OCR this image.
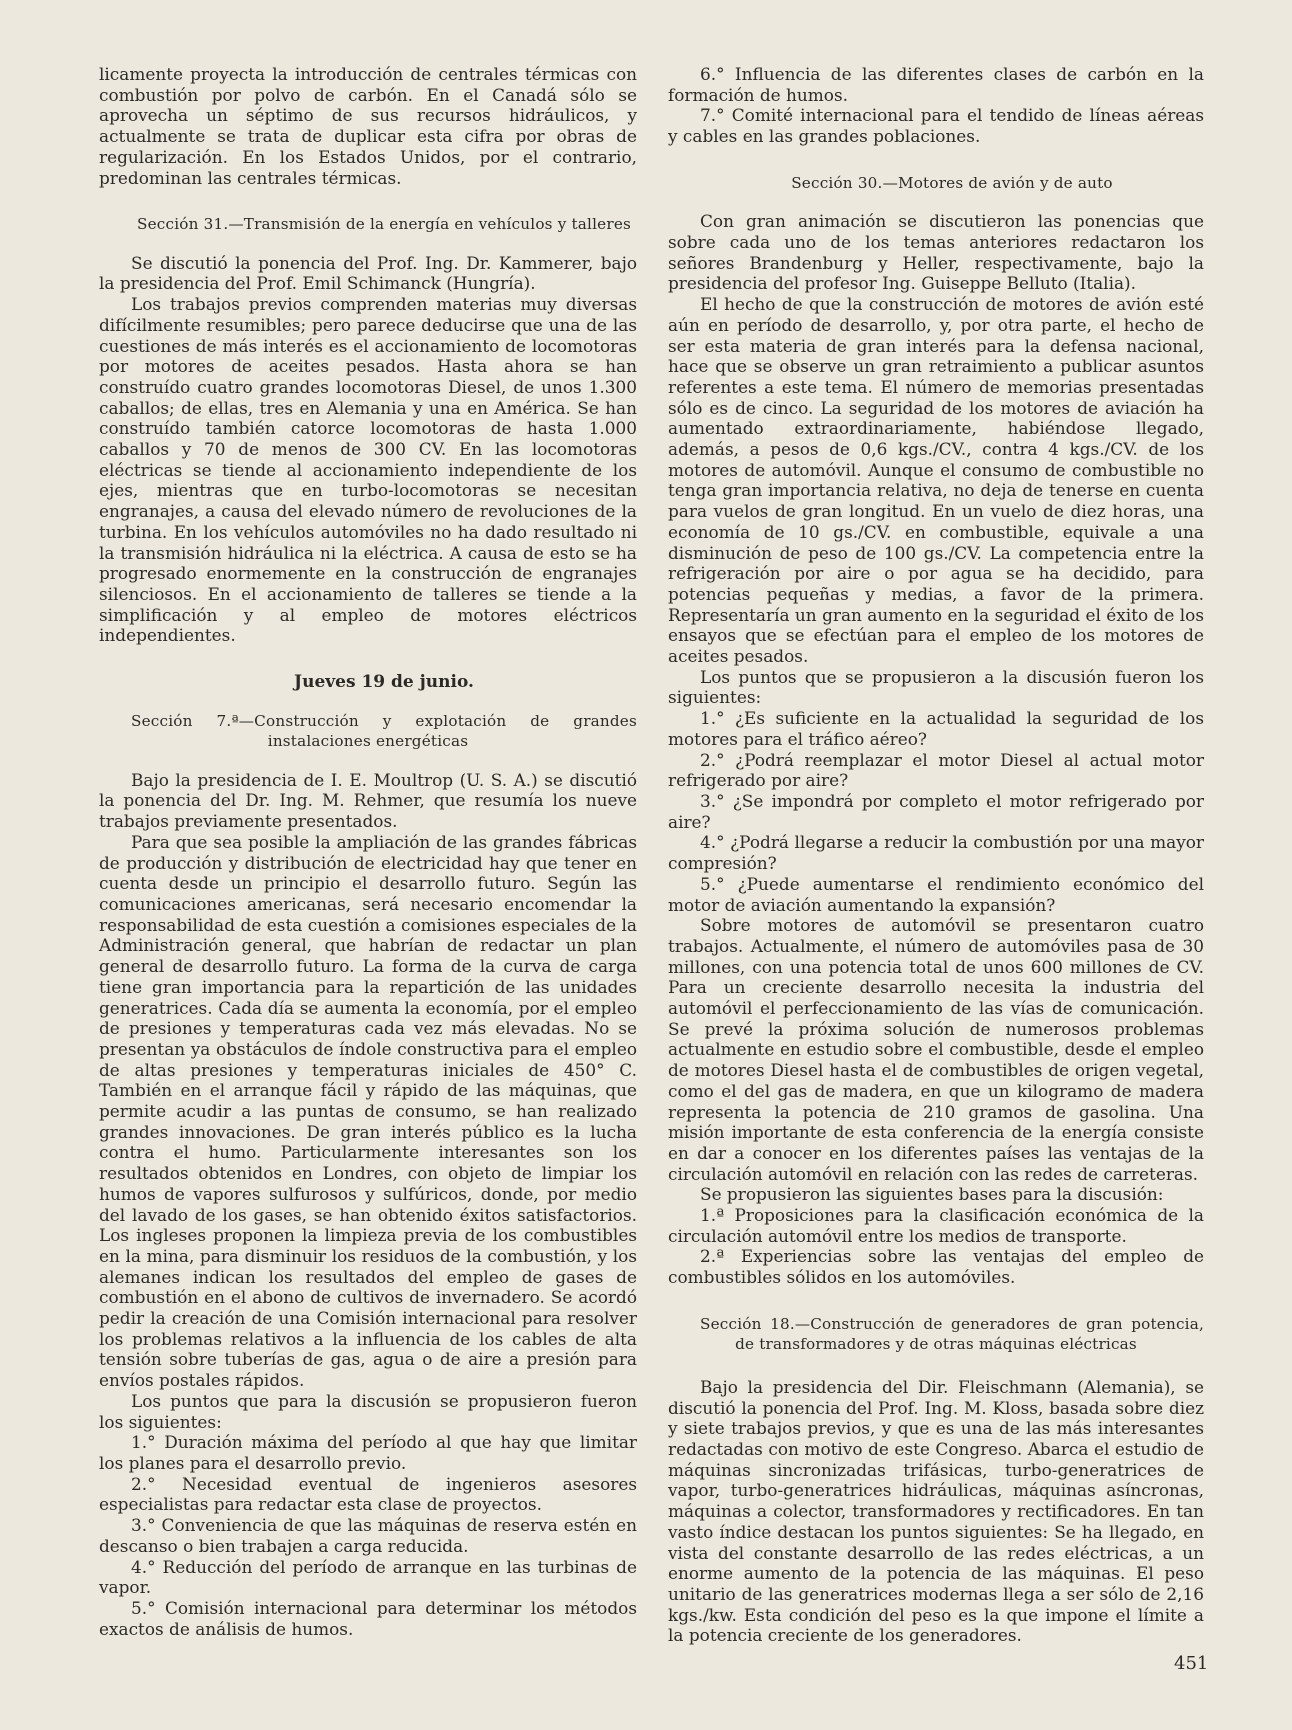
licamente proyecta la introducción de centrales térmicas con combustión por polvo de carbón. En el Canadá sólo se aprovecha un séptimo de sus recursos hidráulicos, y actualmente se trata de duplicar esta cifra por obras de regularización. En los Estados Unidos, por el contrario, predominan las centrales térmicas.

Sección 31.—Transmisión de la energía en vehículos y talleres

Se discutió la ponencia del Prof. Ing. Dr. Kammerer, bajo la presidencia del Prof. Emil Schimanck (Hungría).

Los trabajos previos comprenden materias muy diversas difícilmente resumibles; pero parece deducirse que una de las cuestiones de más interés es el accionamiento de locomotoras por motores de aceites pesados. Hasta ahora se han construído cuatro grandes locomotoras Diesel, de unos 1.300 caballos; de ellas, tres en Alemania y una en América. Se han construído también catorce locomotoras de hasta 1.000 caballos y 70 de menos de 300 CV. En las locomotoras eléctricas se tiende al accionamiento independiente de los ejes, mientras que en turbo-locomotoras se necesitan engranajes, a causa del elevado número de revoluciones de la turbina. En los vehículos automóviles no ha dado resultado ni la transmisión hidráulica ni la eléctrica. A causa de esto se ha progresado enormemente en la construcción de engranajes silenciosos. En el accionamiento de talleres se tiende a la simplificación y al empleo de motores eléctricos independientes.

Jueves 19 de junio.

Sección 7.ª—Construcción y explotación de grandes instalaciones energéticas

Bajo la presidencia de I. E. Moultrop (U. S. A.) se discutió la ponencia del Dr. Ing. M. Rehmer, que resumía los nueve trabajos previamente presentados.

Para que sea posible la ampliación de las grandes fábricas de producción y distribución de electricidad hay que tener en cuenta desde un principio el desarrollo futuro. Según las comunicaciones americanas, será necesario encomendar la responsabilidad de esta cuestión a comisiones especiales de la Administración general, que habrían de redactar un plan general de desarrollo futuro. La forma de la curva de carga tiene gran importancia para la repartición de las unidades generatrices. Cada día se aumenta la economía, por el empleo de presiones y temperaturas cada vez más elevadas. No se presentan ya obstáculos de índole constructiva para el empleo de altas presiones y temperaturas iniciales de 450° C. También en el arranque fácil y rápido de las máquinas, que permite acudir a las puntas de consumo, se han realizado grandes innovaciones. De gran interés público es la lucha contra el humo. Particularmente interesantes son los resultados obtenidos en Londres, con objeto de limpiar los humos de vapores sulfurosos y sulfúricos, donde, por medio del lavado de los gases, se han obtenido éxitos satisfactorios. Los ingleses proponen la limpieza previa de los combustibles en la mina, para disminuir los residuos de la combustión, y los alemanes indican los resultados del empleo de gases de combustión en el abono de cultivos de invernadero. Se acordó pedir la creación de una Comisión internacional para resolver los problemas relativos a la influencia de los cables de alta tensión sobre tuberías de gas, agua o de aire a presión para envíos postales rápidos.

Los puntos que para la discusión se propusieron fueron los siguientes:

1.° Duración máxima del período al que hay que limitar los planes para el desarrollo previo.

2.° Necesidad eventual de ingenieros asesores especialistas para redactar esta clase de proyectos.

3.° Conveniencia de que las máquinas de reserva estén en descanso o bien trabajen a carga reducida.

4.° Reducción del período de arranque en las turbinas de vapor.

5.° Comisión internacional para determinar los métodos exactos de análisis de humos.

6.° Influencia de las diferentes clases de carbón en la formación de humos.

7.° Comité internacional para el tendido de líneas aéreas y cables en las grandes poblaciones.

Sección 30.—Motores de avión y de auto

Con gran animación se discutieron las ponencias que sobre cada uno de los temas anteriores redactaron los señores Brandenburg y Heller, respectivamente, bajo la presidencia del profesor Ing. Guiseppe Belluto (Italia).

El hecho de que la construcción de motores de avión esté aún en período de desarrollo, y, por otra parte, el hecho de ser esta materia de gran interés para la defensa nacional, hace que se observe un gran retraimiento a publicar asuntos referentes a este tema. El número de memorias presentadas sólo es de cinco. La seguridad de los motores de aviación ha aumentado extraordinariamente, habiéndose llegado, además, a pesos de 0,6 kgs./CV., contra 4 kgs./CV. de los motores de automóvil. Aunque el consumo de combustible no tenga gran importancia relativa, no deja de tenerse en cuenta para vuelos de gran longitud. En un vuelo de diez horas, una economía de 10 gs./CV. en combustible, equivale a una disminución de peso de 100 gs./CV. La competencia entre la refrigeración por aire o por agua se ha decidido, para potencias pequeñas y medias, a favor de la primera. Representaría un gran aumento en la seguridad el éxito de los ensayos que se efectúan para el empleo de los motores de aceites pesados.

Los puntos que se propusieron a la discusión fueron los siguientes:

1.° ¿Es suficiente en la actualidad la seguridad de los motores para el tráfico aéreo?

2.° ¿Podrá reemplazar el motor Diesel al actual motor refrigerado por aire?

3.° ¿Se impondrá por completo el motor refrigerado por aire?

4.° ¿Podrá llegarse a reducir la combustión por una mayor compresión?

5.° ¿Puede aumentarse el rendimiento económico del motor de aviación aumentando la expansión?

Sobre motores de automóvil se presentaron cuatro trabajos. Actualmente, el número de automóviles pasa de 30 millones, con una potencia total de unos 600 millones de CV. Para un creciente desarrollo necesita la industria del automóvil el perfeccionamiento de las vías de comunicación. Se prevé la próxima solución de numerosos problemas actualmente en estudio sobre el combustible, desde el empleo de motores Diesel hasta el de combustibles de origen vegetal, como el del gas de madera, en que un kilogramo de madera representa la potencia de 210 gramos de gasolina. Una misión importante de esta conferencia de la energía consiste en dar a conocer en los diferentes países las ventajas de la circulación automóvil en relación con las redes de carreteras.

Se propusieron las siguientes bases para la discusión:

1.ª Proposiciones para la clasificación económica de la circulación automóvil entre los medios de transporte.

2.ª Experiencias sobre las ventajas del empleo de combustibles sólidos en los automóviles.

Sección 18.—Construcción de generadores de gran potencia, de transformadores y de otras máquinas eléctricas

Bajo la presidencia del Dir. Fleischmann (Alemania), se discutió la ponencia del Prof. Ing. M. Kloss, basada sobre diez y siete trabajos previos, y que es una de las más interesantes redactadas con motivo de este Congreso. Abarca el estudio de máquinas sincronizadas trifásicas, turbo-generatrices de vapor, turbo-generatrices hidráulicas, máquinas asíncronas, máquinas a colector, transformadores y rectificadores. En tan vasto índice destacan los puntos siguientes: Se ha llegado, en vista del constante desarrollo de las redes eléctricas, a un enorme aumento de la potencia de las máquinas. El peso unitario de las generatrices modernas llega a ser sólo de 2,16 kgs./kw. Esta condición del peso es la que impone el límite a la potencia creciente de los generadores.

451
